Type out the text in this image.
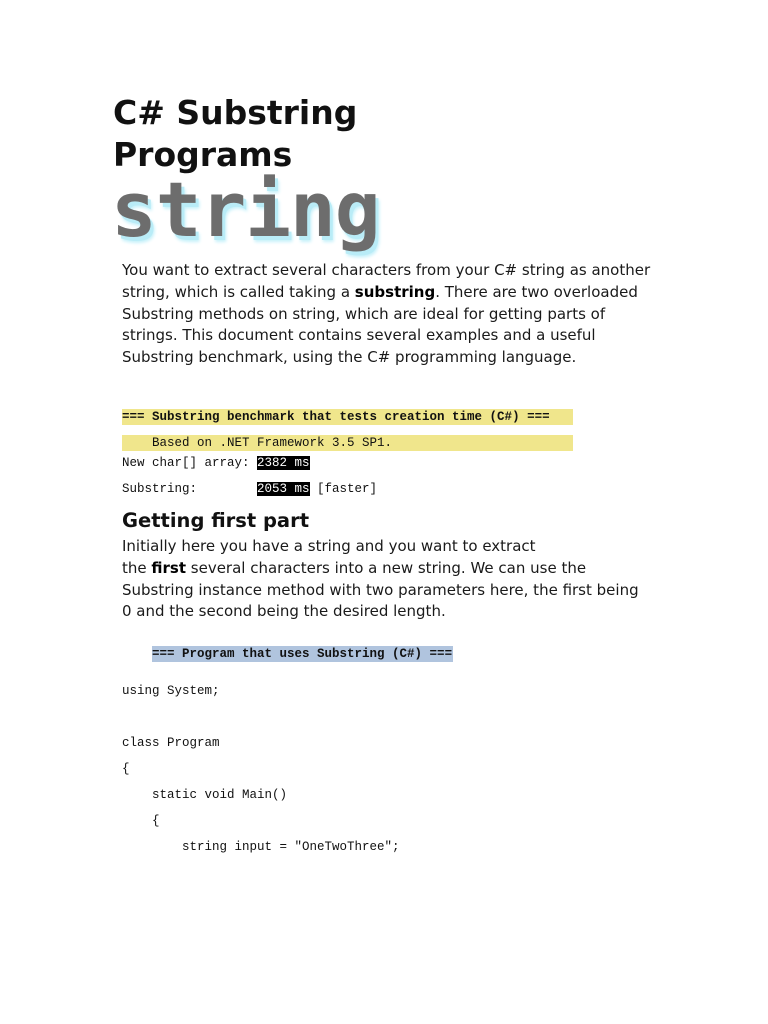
C# Substring Programs
string

You want to extract several characters from your C# string as another string, which is called taking a substring. There are two overloaded Substring methods on string, which are ideal for getting parts of strings. This document contains several examples and a useful Substring benchmark, using the C# programming language.

=== Substring benchmark that tests creation time (C#) ===

Based on .NET Framework 3.5 SP1.

New char[] array: 2382 ms
Substring:        2053 ms [faster]
Getting first part

Initially here you have a string and you want to extract
the first several characters into a new string. We can use the Substring instance method with two parameters here, the first being 0 and the second being the desired length.

=== Program that uses Substring (C#) ===

using System;
class Program
{
static void Main()
{
string input = "OneTwoThree";
